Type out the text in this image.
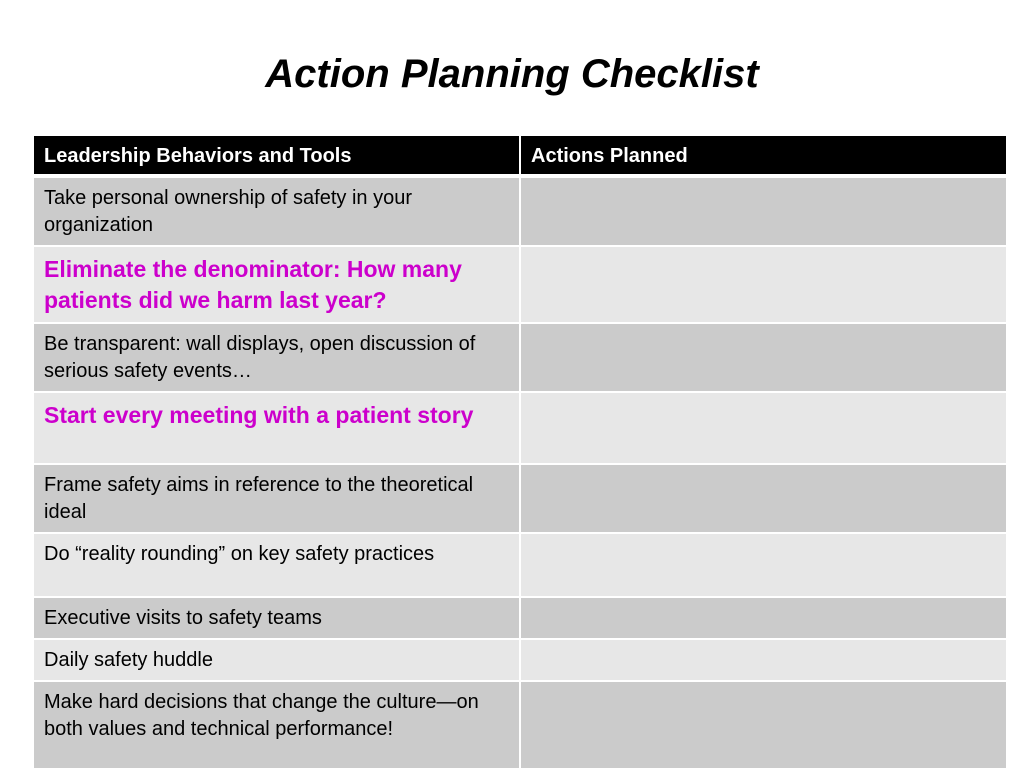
Action Planning Checklist
Leadership Behaviors and Tools	Actions Planned
Take personal ownership of safety in your organization	
Eliminate the denominator: How many patients did we harm last year?	
Be transparent: wall displays, open discussion of serious safety events…	
Start every meeting with a patient story	
Frame safety aims in reference to the theoretical ideal	
Do “reality rounding” on key safety practices	
Executive visits to safety teams	
Daily safety huddle	
Make hard decisions that change the culture—on both values and technical performance!	
